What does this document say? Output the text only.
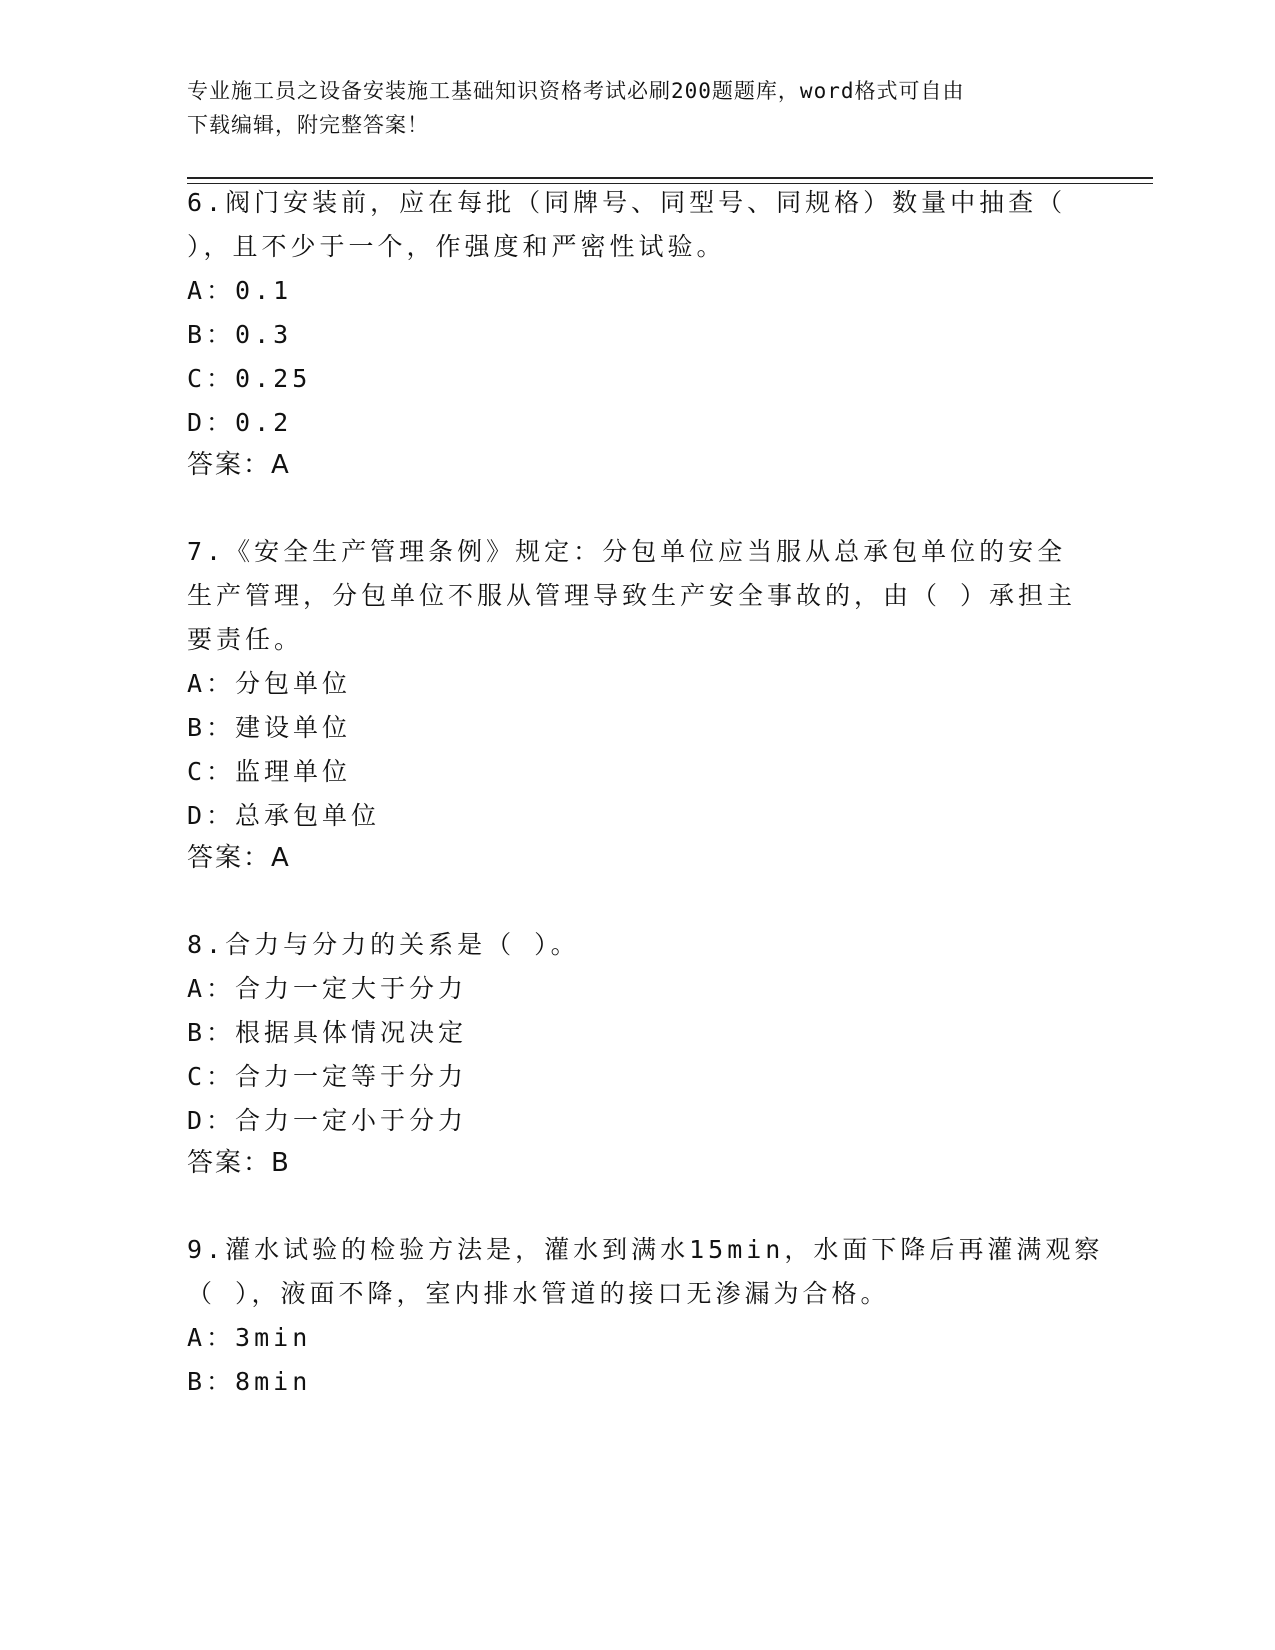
专业施工员之设备安装施工基础知识资格考试必刷200题题库，word格式可自由
下载编辑，附完整答案！
6.阀门安装前，应在每批（同牌号、同型号、同规格）数量中抽查（
），且不少于一个，作强度和严密性试验。
A：0.1
B：0.3
C：0.25
D：0.2
答案：A
7.《安全生产管理条例》规定：分包单位应当服从总承包单位的安全
生产管理，分包单位不服从管理导致生产安全事故的，由（ ）承担主
要责任。
A：分包单位
B：建设单位
C：监理单位
D：总承包单位
答案：A
8.合力与分力的关系是（ ）。
A：合力一定大于分力
B：根据具体情况决定
C：合力一定等于分力
D：合力一定小于分力
答案：B
9.灌水试验的检验方法是，灌水到满水15min，水面下降后再灌满观察
（ ），液面不降，室内排水管道的接口无渗漏为合格。
A：3min
B：8min
